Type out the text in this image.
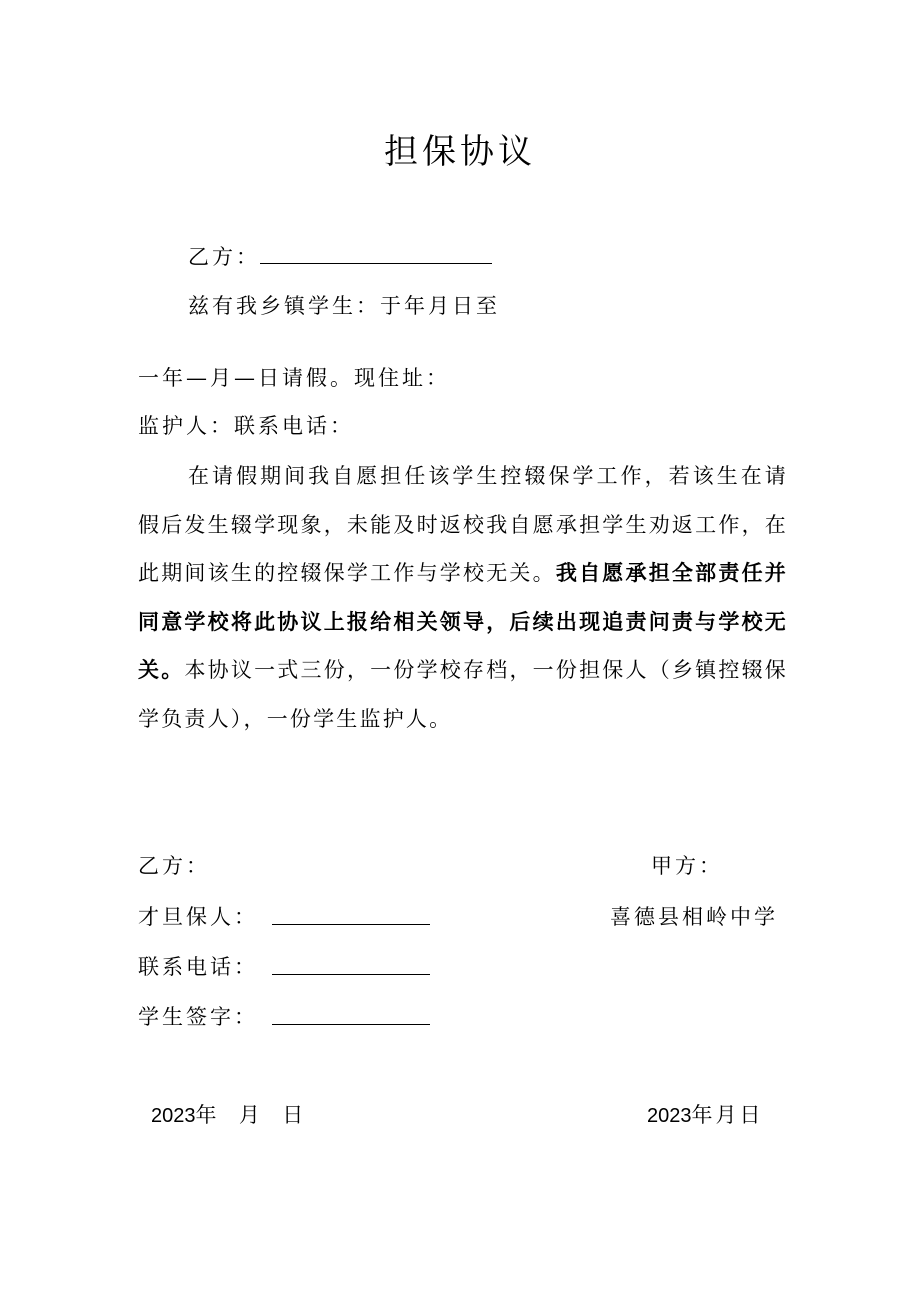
担保协议
乙方：
兹有我乡镇学生：于年月日至
一年—月—日请假。现住址：
监护人：联系电话：
在请假期间我自愿担任该学生控辍保学工作，若该生在请假后发生辍学现象，未能及时返校我自愿承担学生劝返工作，在此期间该生的控辍保学工作与学校无关。我自愿承担全部责任并同意学校将此协议上报给相关领导，后续出现追责问责与学校无关。本协议一式三份，一份学校存档，一份担保人（乡镇控辍保学负责人），一份学生监护人。
乙方：
才旦保人：
联系电话：
学生签字：
甲方：
喜德县相岭中学
2023年  月  日	2023年月日
